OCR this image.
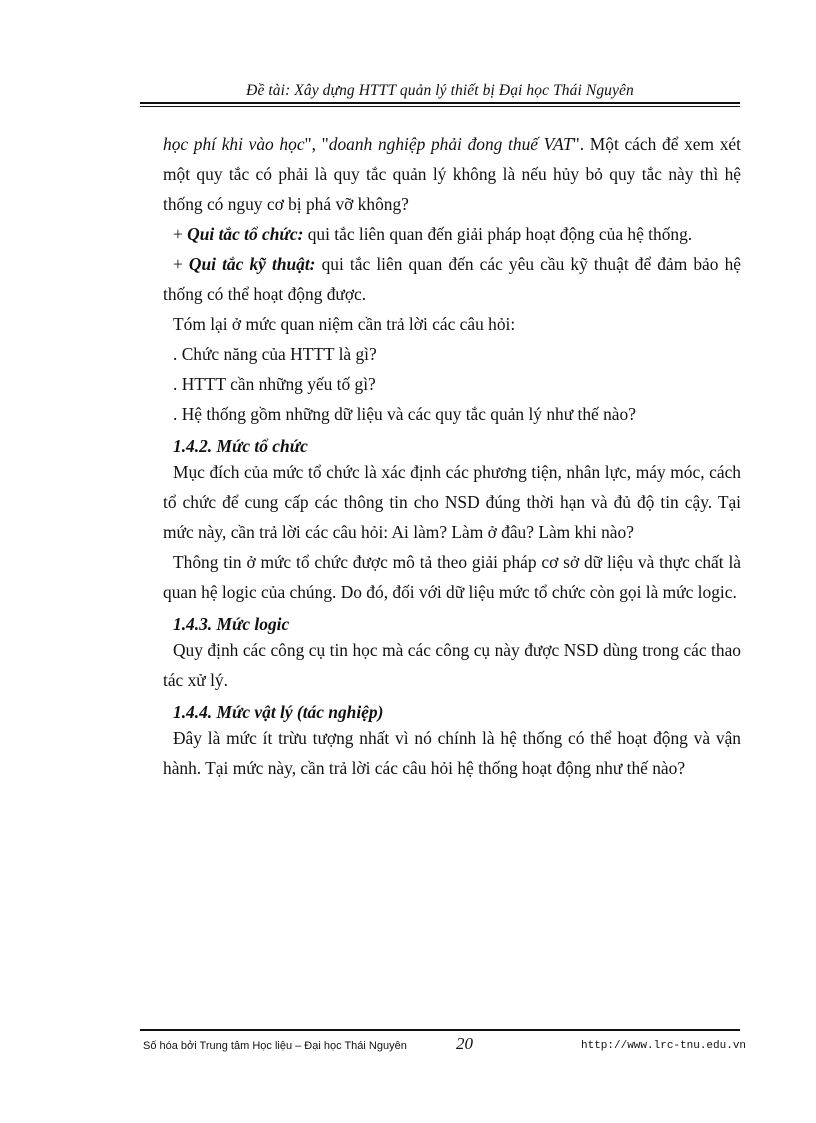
Đề tài: Xây dựng HTTT quản lý thiết bị Đại học Thái Nguyên

học phí khi vào học", "doanh nghiệp phải đong thuế VAT". Một cách để xem xét một quy tắc có phải là quy tắc quản lý không là nếu hủy bỏ quy tắc này thì hệ thống có nguy cơ bị phá vỡ không?

+ Qui tắc tổ chức: qui tắc liên quan đến giải pháp hoạt động của hệ thống.

+ Qui tắc kỹ thuật: qui tắc liên quan đến các yêu cầu kỹ thuật để đảm bảo hệ thống có thể hoạt động được.

Tóm lại ở mức quan niệm cần trả lời các câu hỏi:

. Chức năng của HTTT là gì?

. HTTT cần những yếu tố gì?

. Hệ thống gồm những dữ liệu và các quy tắc quản lý như thế nào?

1.4.2. Mức tổ chức

Mục đích của mức tổ chức là xác định các phương tiện, nhân lực, máy móc, cách tổ chức để cung cấp các thông tin cho NSD đúng thời hạn và đủ độ tin cậy. Tại mức này, cần trả lời các câu hỏi: Ai làm? Làm ở đâu? Làm khi nào?

Thông tin ở mức tổ chức được mô tả theo giải pháp cơ sở dữ liệu và thực chất là quan hệ logic của chúng. Do đó, đối với dữ liệu mức tổ chức còn gọi là mức logic.

1.4.3. Mức logic

Quy định các công cụ tin học mà các công cụ này được NSD dùng trong các thao tác xử lý.

1.4.4. Mức vật lý (tác nghiệp)

Đây là mức ít trừu tượng nhất vì nó chính là hệ thống có thể hoạt động và vận hành. Tại mức này, cần trả lời các câu hỏi hệ thống hoạt động như thế nào?

Số hóa bởi Trung tâm Học liệu – Đại học Thái Nguyên	20	http://www.lrc-tnu.edu.vn
